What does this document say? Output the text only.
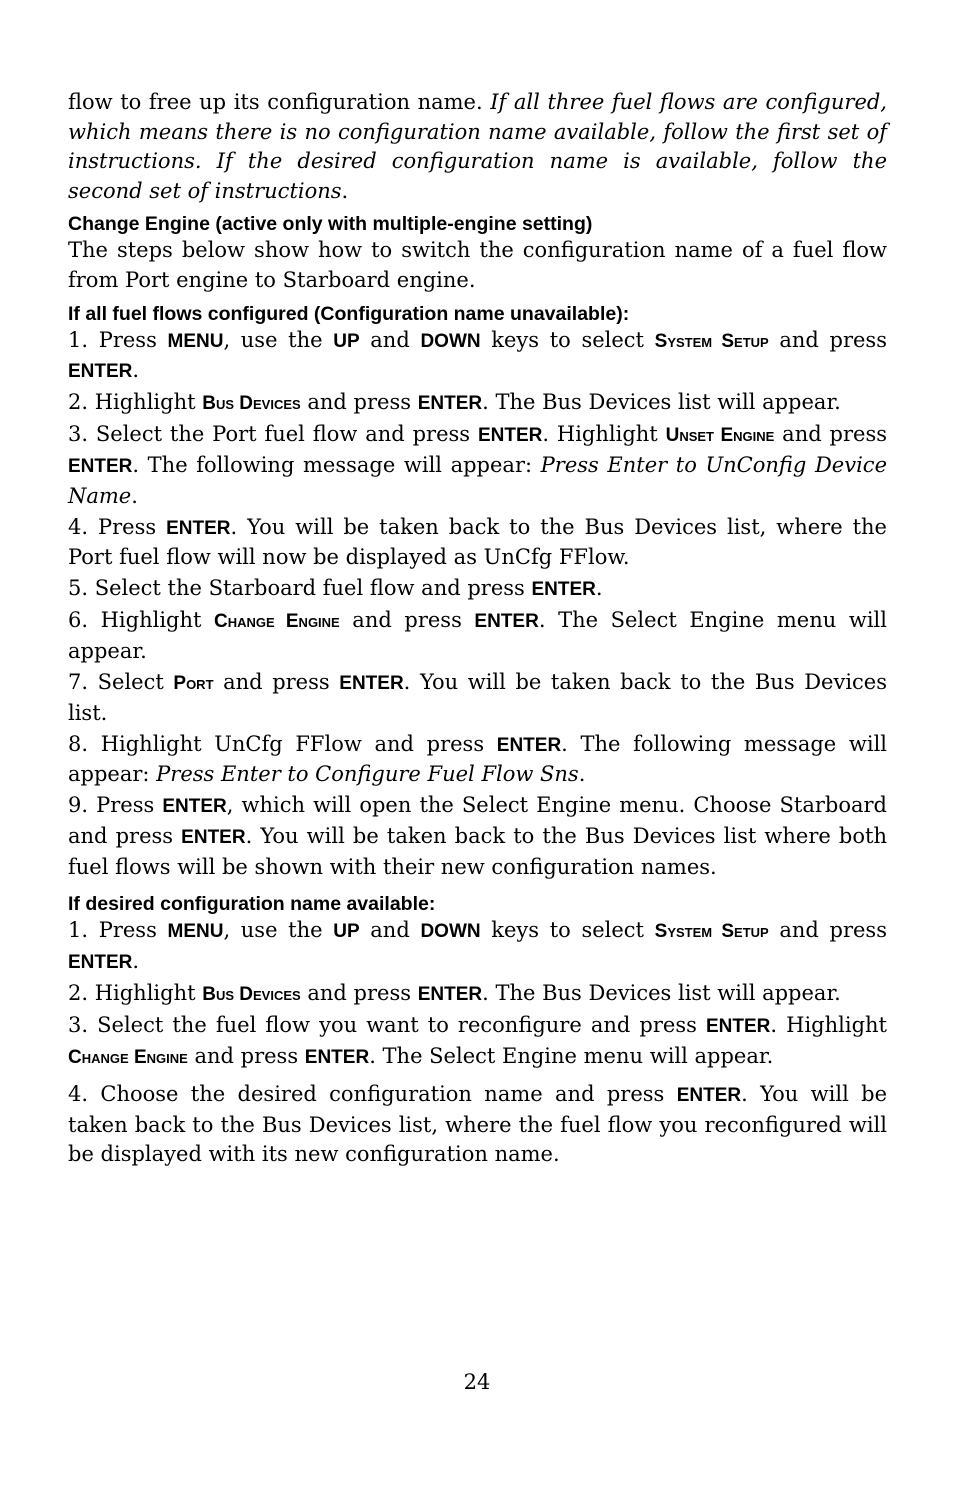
flow to free up its configuration name. If all three fuel flows are configured, which means there is no configuration name available, follow the first set of instructions. If the desired configuration name is available, follow the second set of instructions.

Change Engine (active only with multiple-engine setting)

The steps below show how to switch the configuration name of a fuel flow from Port engine to Starboard engine.

If all fuel flows configured (Configuration name unavailable):

1. Press MENU, use the UP and DOWN keys to select System Setup and press ENTER.

2. Highlight Bus Devices and press ENTER. The Bus Devices list will appear.

3. Select the Port fuel flow and press ENTER. Highlight Unset Engine and press ENTER. The following message will appear: Press Enter to UnConfig Device Name.

4. Press ENTER. You will be taken back to the Bus Devices list, where the Port fuel flow will now be displayed as UnCfg FFlow.

5. Select the Starboard fuel flow and press ENTER.

6. Highlight Change Engine and press ENTER. The Select Engine menu will appear.

7. Select Port and press ENTER. You will be taken back to the Bus Devices list.

8. Highlight UnCfg FFlow and press ENTER. The following message will appear: Press Enter to Configure Fuel Flow Sns.

9. Press ENTER, which will open the Select Engine menu. Choose Starboard and press ENTER. You will be taken back to the Bus Devices list where both fuel flows will be shown with their new configuration names.

If desired configuration name available:

1. Press MENU, use the UP and DOWN keys to select System Setup and press ENTER.

2. Highlight Bus Devices and press ENTER. The Bus Devices list will appear.

3. Select the fuel flow you want to reconfigure and press ENTER. Highlight Change Engine and press ENTER. The Select Engine menu will appear.

4. Choose the desired configuration name and press ENTER. You will be taken back to the Bus Devices list, where the fuel flow you reconfigured will be displayed with its new configuration name.

24
